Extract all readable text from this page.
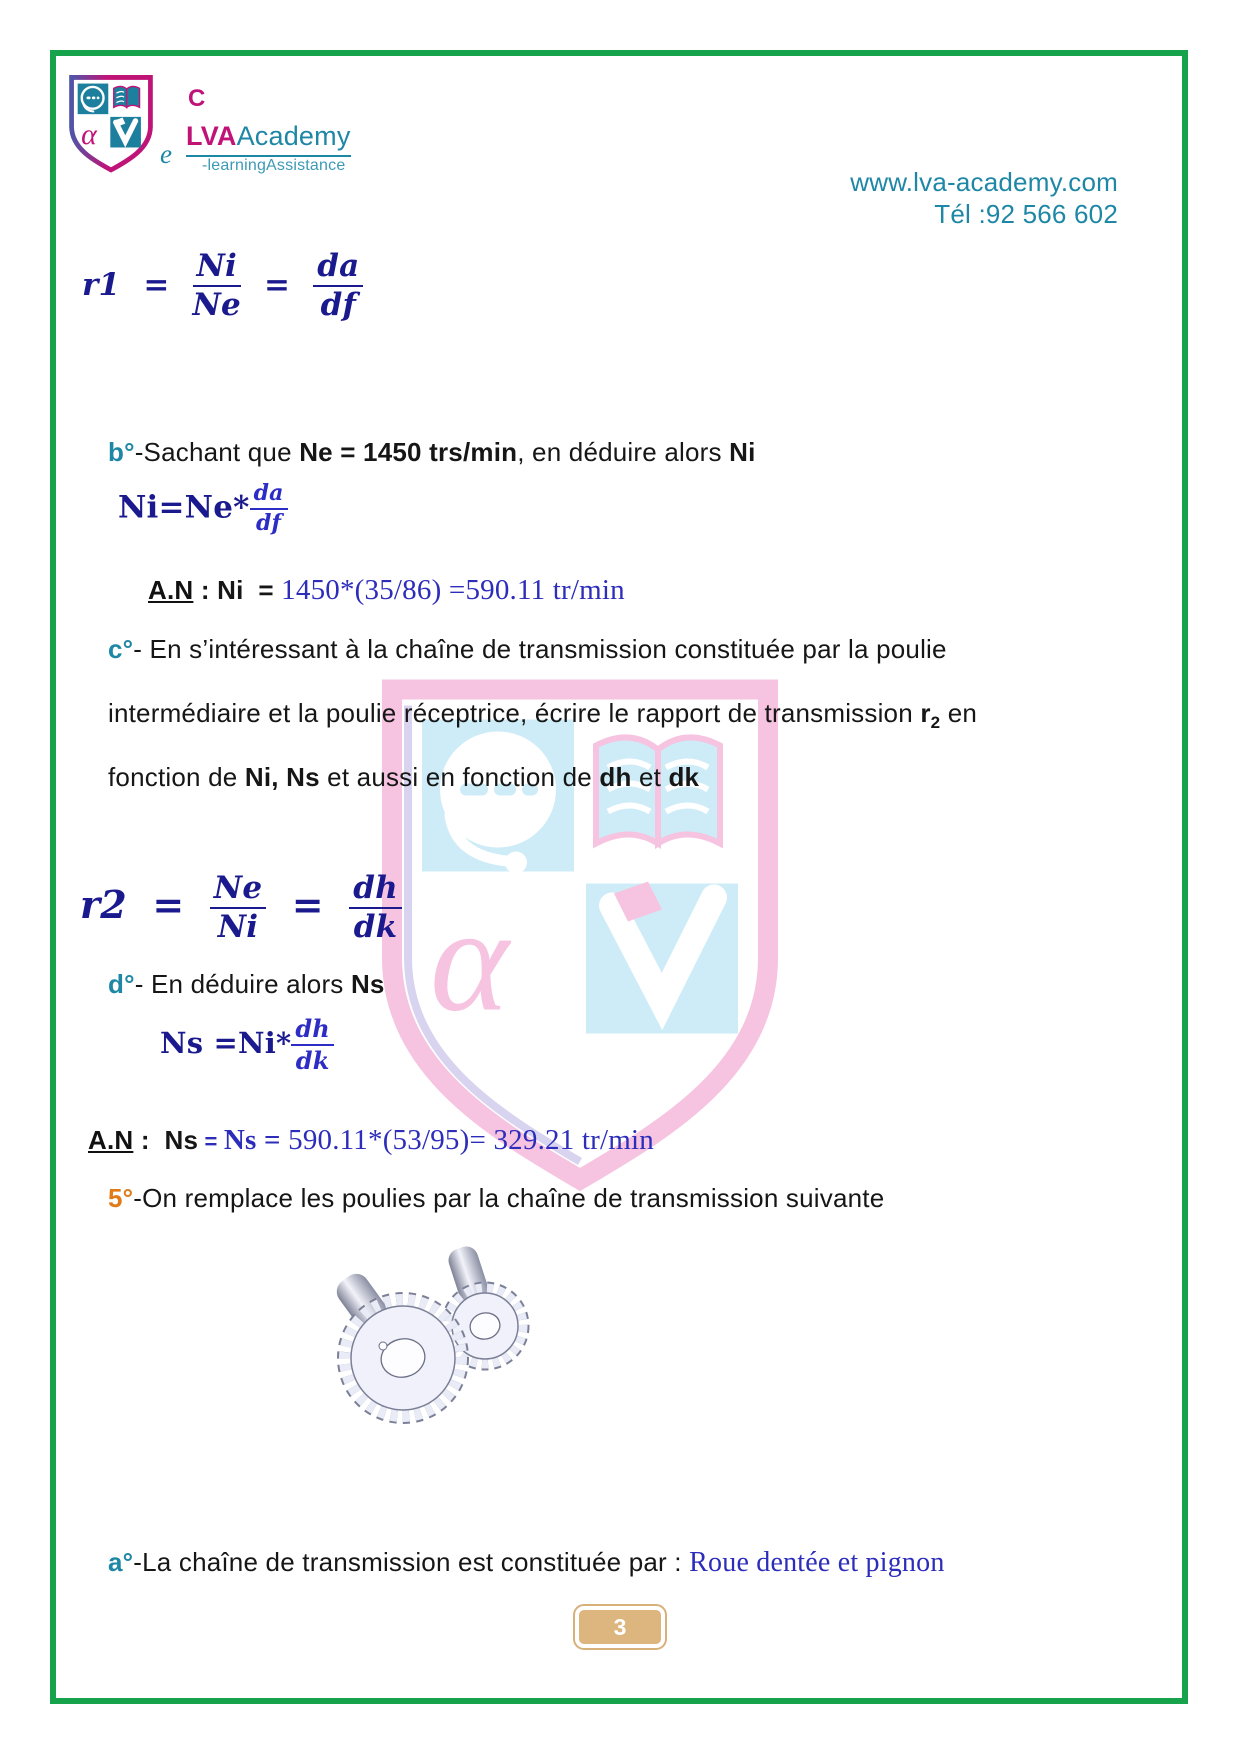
α
α
C
LVAAcademy
-learningAssistance
e
www.lva-academy.com
Tél :92 566 602
$r1 = \frac{Ni}{Ne} = \frac{da}{df}$
b°-Sachant que Ne = 1450 trs/min, en déduire alors Ni
$Ni=Ne* \frac{da}{df}$
A.N : Ni  = 1450*(35/86) =590.11 tr/min
c°- En s’intéressant à la chaîne de transmission constituée par la poulie
intermédiaire et la poulie réceptrice, écrire le rapport de transmission $r_2$ en
fonction de Ni, Ns et aussi en fonction de dh et dk
$r2 = \frac{Ne}{Ni} = \frac{dh}{dk}$
d°- En déduire alors Ns
$Ns =Ni* \frac{dh}{dk}$
A.N :  Ns = Ns = 590.11*(53/95)= 329.21 tr/min
5°-On remplace les poulies par la chaîne de transmission suivante
a°-La chaîne de transmission est constituée par : Roue dentée et pignon
3
